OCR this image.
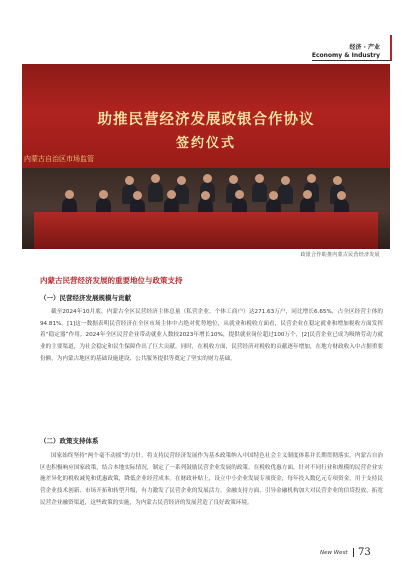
经济 · 产业
Economy & Industry
助推民营经济发展政银合作协议
签约仪式
内蒙古自治区市场监管
政银合作助推内蒙古民营经济发展
内蒙古民营经济发展的重要地位与政策支持
（一）民营经济发展规模与贡献

截至2024年10月底，内蒙古全区民营经济主体总量（私营企业、个体工商户）达271.63万户，同比增长6.65%，占全区经营主体的94.81%。[1]这一数据表明民营经济在全区市场主体中占绝对优势地位，从就业和税收方面看，民营企业在稳定就业和增加税收方面发挥着“稳定器”作用。2024年全区民营企业带动就业人数较2023年增长10%，提供就业岗位超过100万个，[2]民营企业已成为吸纳劳动力就业的主要渠道，为社会稳定和民生保障作出了巨大贡献。同时，在税收方面，民营经济对税收的贡献逐年增加，在地方财政收入中占据重要份额，为内蒙古地区的基础设施建设、公共服务提供等奠定了坚实的财力基础。

（二）政策支持体系

国家始终坚持“两个毫不动摇”的方针，将支持民营经济发展作为基本政策纳入中国特色社会主义制度体系并长期贯彻落实。内蒙古自治区也积极响应国家政策，结合本地实际情况，制定了一系列鼓励民营企业发展的政策。在税收优惠方面，针对不同行业和规模的民营企业实施差异化的税收减免和优惠政策，降低企业经营成本。在财政补贴上，设立中小企业发展专项资金，每年投入数亿元专项资金，用于支持民营企业技术创新、市场开拓和转型升级，有力激发了民营企业的发展活力。金融支持方面，引导金融机构加大对民营企业的信贷投放，拓宽民营企业融资渠道，这些政策的实施，为内蒙古民营经济的发展营造了良好政策环境。

New West 73
